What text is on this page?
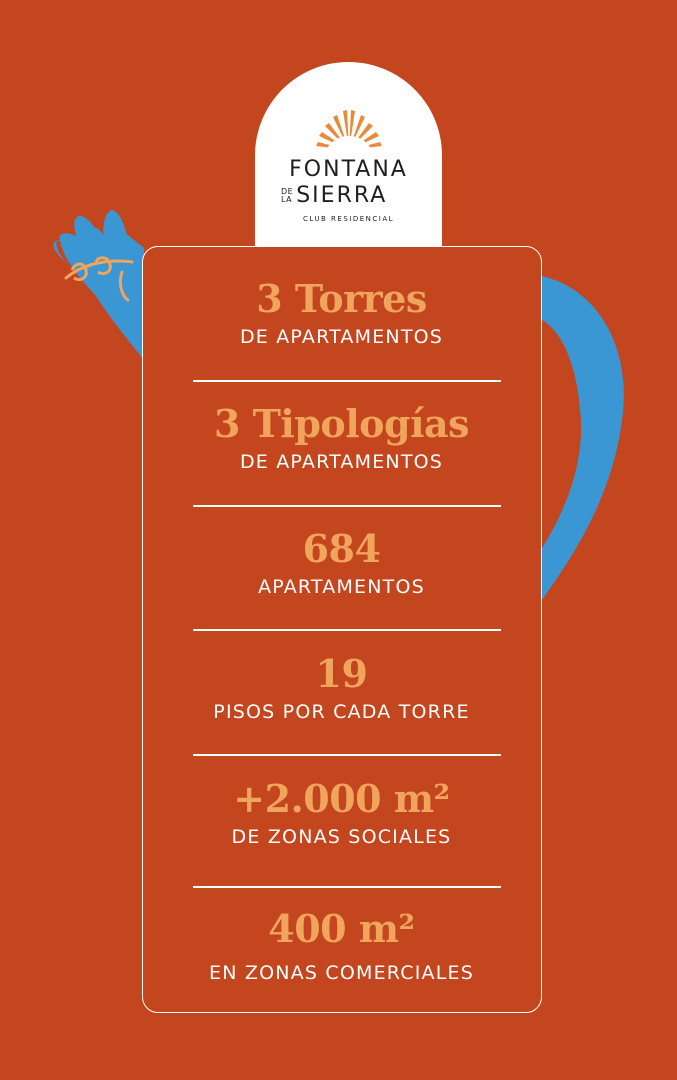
FONTANA
DE
LA SIERRA
CLUB RESIDENCIAL
3 Torres
DE APARTAMENTOS
3 Tipologías
DE APARTAMENTOS
684
APARTAMENTOS
19
PISOS POR CADA TORRE
+2.000 m²
DE ZONAS SOCIALES
400 m²
EN ZONAS COMERCIALES
